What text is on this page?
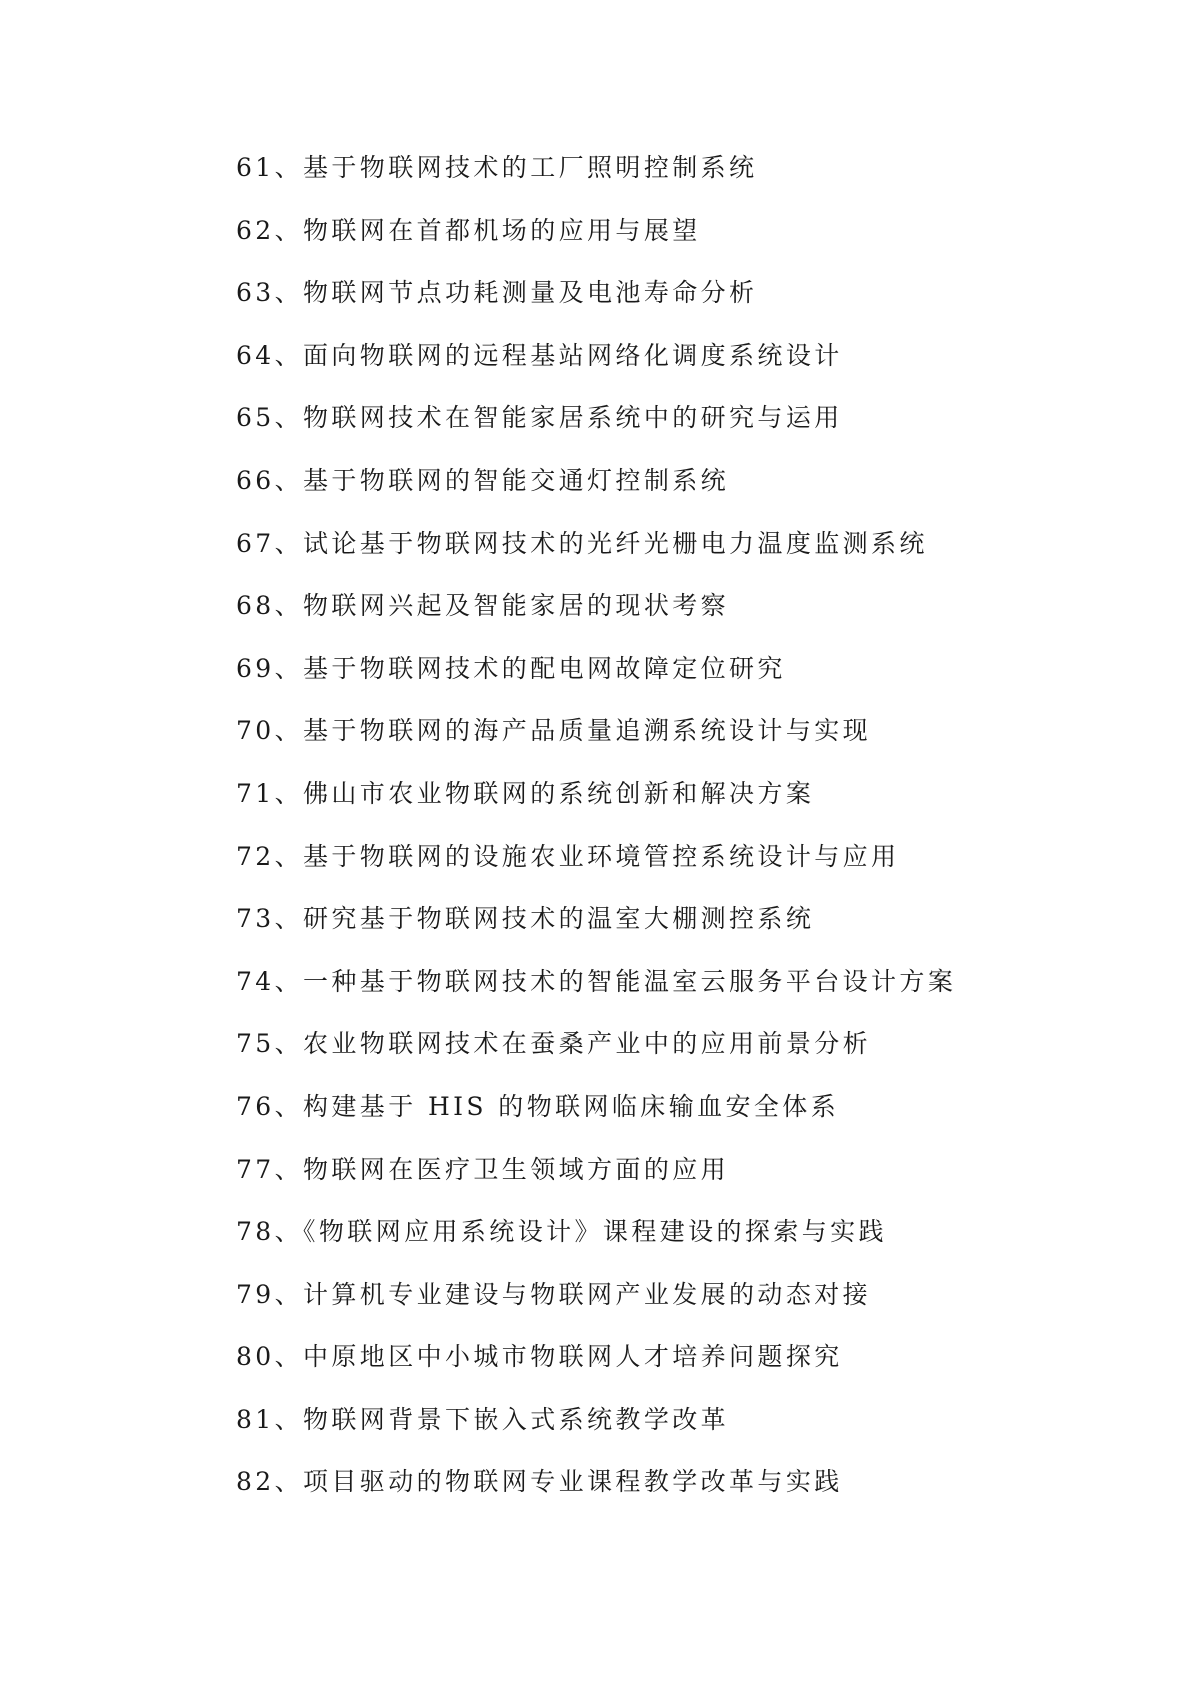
61、基于物联网技术的工厂照明控制系统
62、物联网在首都机场的应用与展望
63、物联网节点功耗测量及电池寿命分析
64、面向物联网的远程基站网络化调度系统设计
65、物联网技术在智能家居系统中的研究与运用
66、基于物联网的智能交通灯控制系统
67、试论基于物联网技术的光纤光栅电力温度监测系统
68、物联网兴起及智能家居的现状考察
69、基于物联网技术的配电网故障定位研究
70、基于物联网的海产品质量追溯系统设计与实现
71、佛山市农业物联网的系统创新和解决方案
72、基于物联网的设施农业环境管控系统设计与应用
73、研究基于物联网技术的温室大棚测控系统
74、一种基于物联网技术的智能温室云服务平台设计方案
75、农业物联网技术在蚕桑产业中的应用前景分析
76、构建基于 HIS 的物联网临床输血安全体系
77、物联网在医疗卫生领域方面的应用
78、《物联网应用系统设计》课程建设的探索与实践
79、计算机专业建设与物联网产业发展的动态对接
80、中原地区中小城市物联网人才培养问题探究
81、物联网背景下嵌入式系统教学改革
82、项目驱动的物联网专业课程教学改革与实践
